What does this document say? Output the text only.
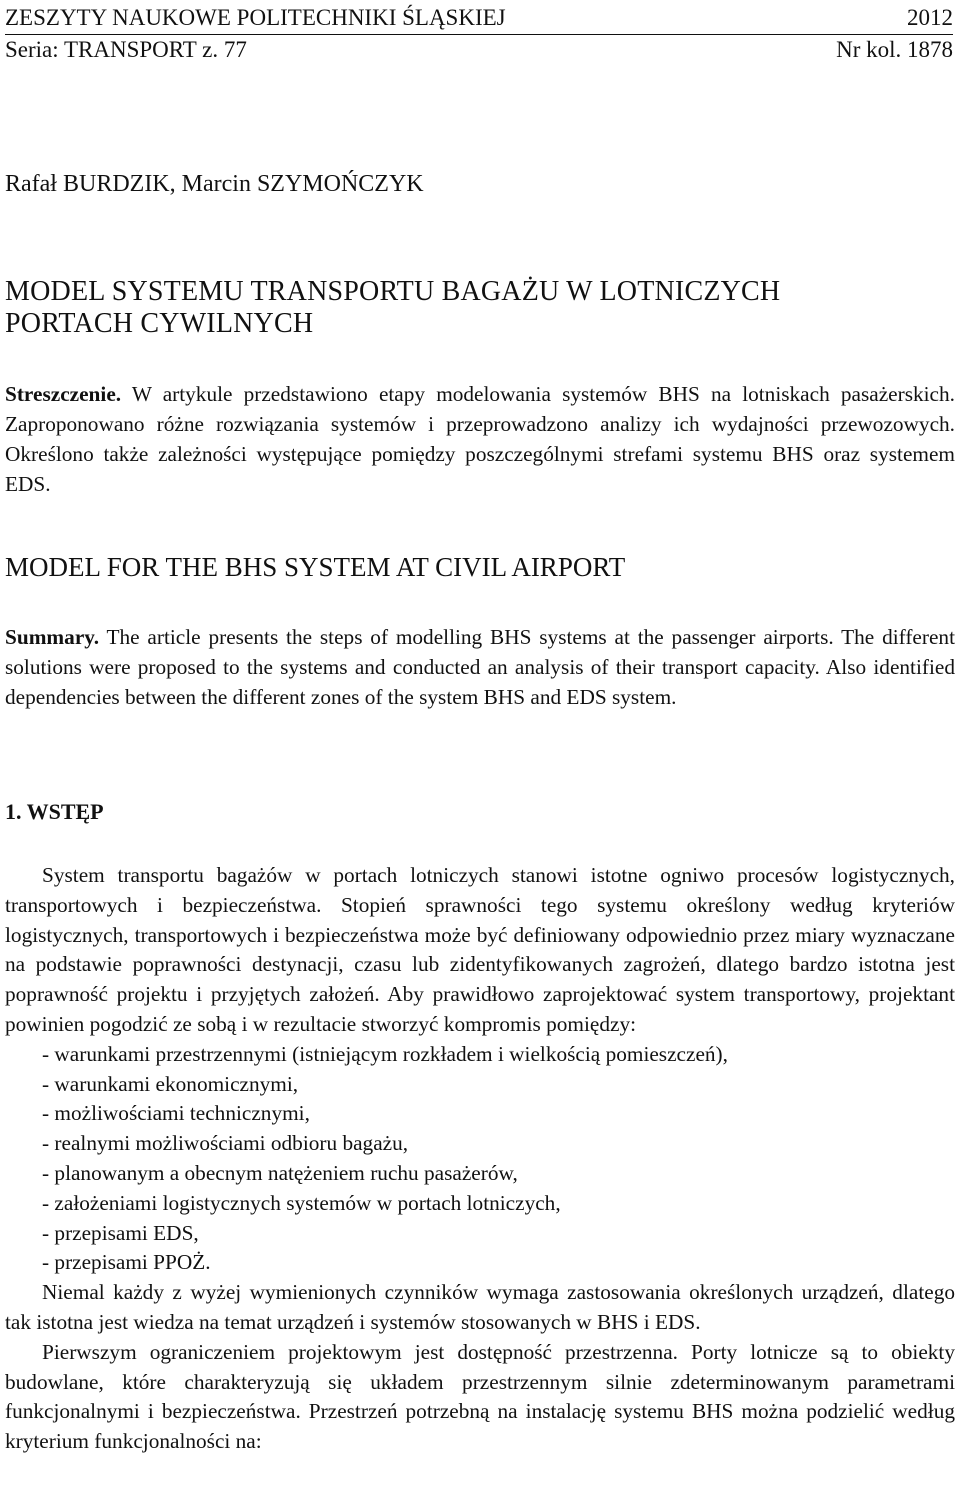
ZESZYTY NAUKOWE POLITECHNIKI ŚLĄSKIEJ	2012
Seria: TRANSPORT z. 77	Nr kol. 1878
Rafał BURDZIK, Marcin SZYMOŃCZYK
MODEL SYSTEMU TRANSPORTU BAGAŻU W LOTNICZYCH
PORTACH CYWILNYCH
Streszczenie. W artykule przedstawiono etapy modelowania systemów BHS na lotniskach pasażerskich. Zaproponowano różne rozwiązania systemów i przeprowadzono analizy ich wydajności przewozowych. Określono także zależności występujące pomiędzy poszczególnymi strefami systemu BHS oraz systemem EDS.
MODEL FOR THE BHS SYSTEM AT CIVIL AIRPORT
Summary. The article presents the steps of modelling BHS systems at the passenger airports. The different solutions were proposed to the systems and conducted an analysis of their transport capacity. Also identified dependencies between the different zones of the system BHS and EDS system.
1. WSTĘP

System transportu bagażów w portach lotniczych stanowi istotne ogniwo procesów logistycznych, transportowych i bezpieczeństwa. Stopień sprawności tego systemu określony według kryteriów logistycznych, transportowych i bezpieczeństwa może być definiowany odpowiednio przez miary wyznaczane na podstawie poprawności destynacji, czasu lub zidentyfikowanych zagrożeń, dlatego bardzo istotna jest poprawność projektu i przyjętych założeń. Aby prawidłowo zaprojektować system transportowy, projektant powinien pogodzić ze sobą i w rezultacie stworzyć kompromis pomiędzy:

- warunkami przestrzennymi (istniejącym rozkładem i wielkością pomieszczeń),
- warunkami ekonomicznymi,
- możliwościami technicznymi,
- realnymi możliwościami odbioru bagażu,
- planowanym a obecnym natężeniem ruchu pasażerów,
- założeniami logistycznych systemów w portach lotniczych,
- przepisami EDS,
- przepisami PPOŻ.

Niemal każdy z wyżej wymienionych czynników wymaga zastosowania określonych urządzeń, dlatego tak istotna jest wiedza na temat urządzeń i systemów stosowanych w BHS i EDS.

Pierwszym ograniczeniem projektowym jest dostępność przestrzenna. Porty lotnicze są to obiekty budowlane, które charakteryzują się układem przestrzennym silnie zdeterminowanym parametrami funkcjonalnymi i bezpieczeństwa. Przestrzeń potrzebną na instalację systemu BHS można podzielić według kryterium funkcjonalności na:
